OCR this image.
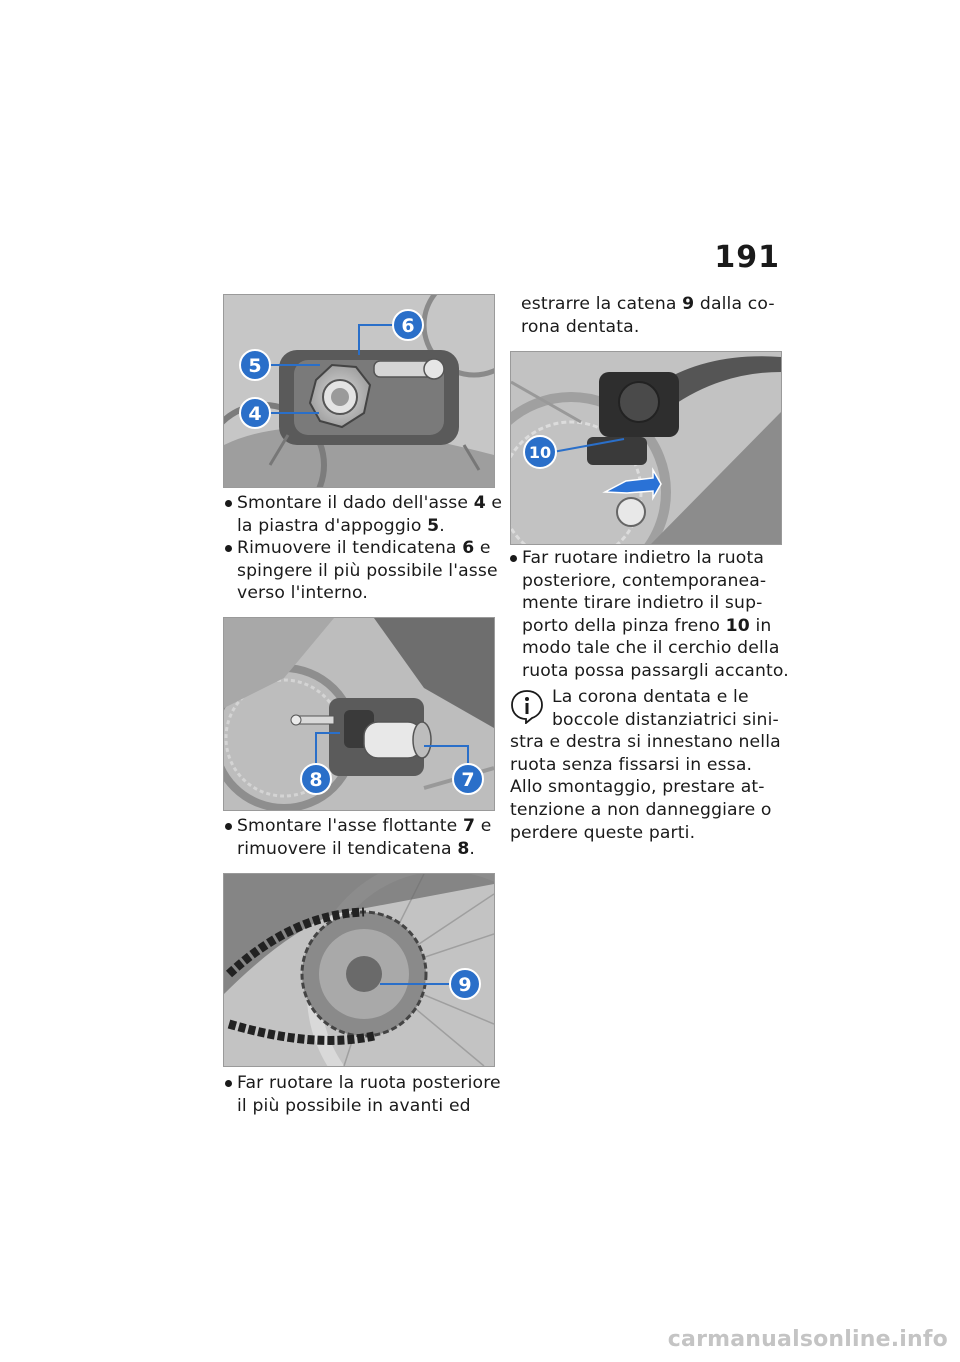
191
6
5
4
Smontare il dado dell'asse 4 e
la piastra d'appoggio 5.
Rimuovere il tendicatena 6 e
spingere il più possibile l'asse
verso l'interno.
8	7
Smontare l'asse flottante 7 e
rimuovere il tendicatena 8.
9
Far ruotare la ruota posteriore
il più possibile in avanti ed
estrarre la catena 9 dalla co-
rona dentata.
10
Far ruotare indietro la ruota
posteriore, contemporanea-
mente tirare indietro il sup-
porto della pinza freno 10 in
modo tale che il cerchio della
ruota possa passargli accanto.
La corona dentata e le
boccole distanziatrici sini-
stra e destra si innestano nella
ruota senza fissarsi in essa.
Allo smontaggio, prestare at-
tenzione a non danneggiare o
perdere queste parti.
carmanualsonline.info
